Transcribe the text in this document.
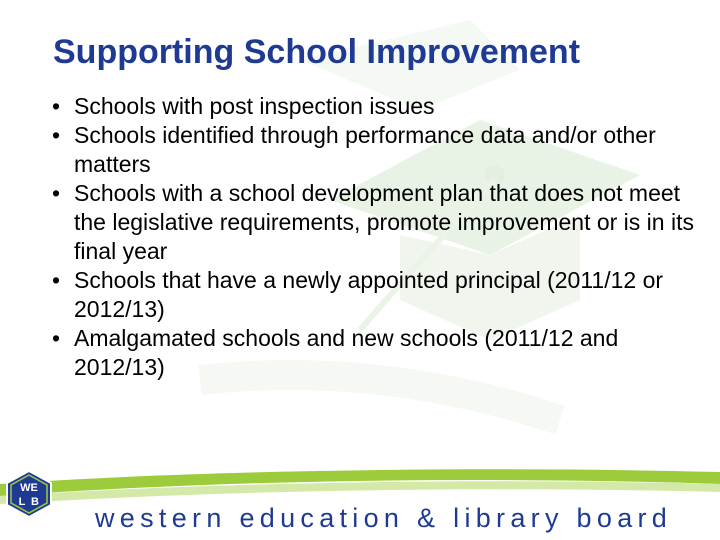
Supporting School Improvement
• Schools with post inspection issues
• Schools identified through performance data and/or other matters
• Schools with a school development plan that does not meet the legislative requirements, promote improvement or is in its final year
• Schools that have a newly appointed principal (2011/12 or 2012/13)
• Amalgamated schools and new schools (2011/12 and 2012/13)
WE
L B
western education & library board
